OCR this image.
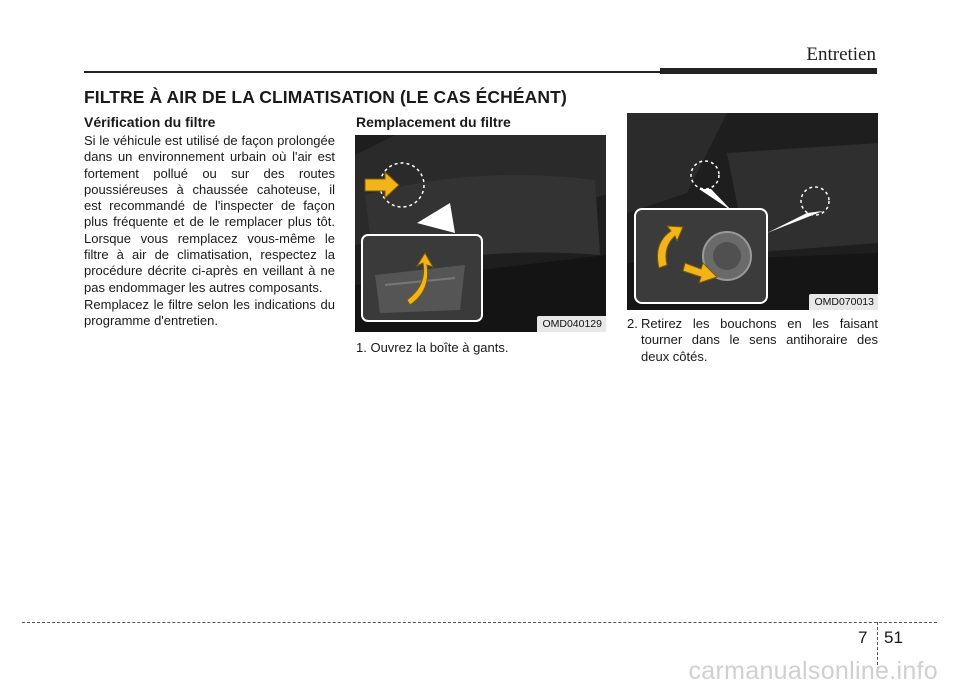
Entretien
FILTRE À AIR DE LA CLIMATISATION (LE CAS ÉCHÉANT)
Vérification du filtre

Si le véhicule est utilisé de façon prolongée dans un environnement urbain où l'air est fortement pollué ou sur des routes poussiéreuses à chaussée cahoteuse, il est recommandé de l'inspecter de façon plus fréquente et de le remplacer plus tôt. Lorsque vous remplacez vous-même le filtre à air de climatisation, respectez la procédure décrite ci-après en veillant à ne pas endommager les autres composants.

Remplacez le filtre selon les indications du programme d'entretien.

Remplacement du filtre
OMD040129

1. Ouvrez la boîte à gants.

OMD070013
2. Retirez les bouchons en les faisant tourner dans le sens antihoraire des deux côtés.

7 51
carmanualsonline.info
